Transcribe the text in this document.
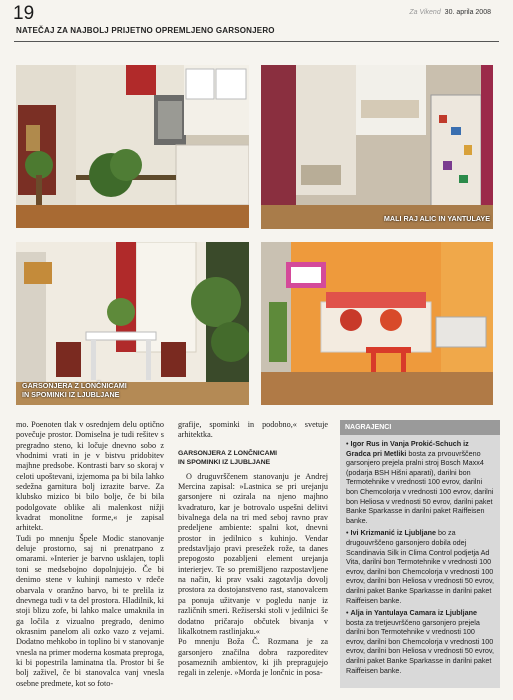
19	Za Vikend 30. aprila 2008
NATEČAJ ZA NAJBOLJ PRIJETNO OPREMLJENO GARSONJERO
MALI RAJ ALIC IN YANTULAYE
GARSONJERA Z LONČNICAMI
IN SPOMINKI IZ LJUBLJANE

mo. Poenoten tlak v osrednjem delu optično povečuje prostor. Domiselna je tudi rešitev s pregradno steno, ki ločuje dnevno sobo z vhodnimi vrati in je v bistvu pridobitev majhne predsobe. Kontrasti barv so skoraj v celoti upoštevani, izjemoma pa bi bila lahko sedežna garnitura bolj izrazite barve. Za klubsko mizico bi bilo bolje, če bi bila podolgovate oblike ali malenkost nižji kvadrat monolitne forme,« je zapisal arhitekt.

Tudi po mnenju Špele Modic stanovanje deluje prostorno, saj ni prenatrpano z omarami. »Interier je barvno usklajen, topli toni se medsebojno dopolnjujejo. Če bi denimo stene v kuhinji namesto v rdeče obarvala v oranžno barvo, bi te prelila iz dnevnega tudi v ta del prostora. Hladilnik, ki stoji blizu zofe, bi lahko malce umaknila in ga ločila z vizualno pregrado, denimo okrasnim panelom ali ozko vazo z vejami. Dodatno mehkobo in toplino bi v stanovanje vnesla na primer moderna kosmata preproga, ki bi popestrila laminatna tla. Prostor bi še bolj zaživel, če bi stanovalca vanj vnesla osebne predmete, kot so foto-

grafije, spominki in podobno,« svetuje arhitektka.

GARSONJERA Z LONČNICAMI
IN SPOMINKI IZ LJUBLJANE

O druguvrščenem stanovanju je Andrej Mercina zapisal: »Lastnica se pri urejanju garsonjere ni ozirala na njeno majhno kvadraturo, kar je botrovalo uspešni delitvi bivalnega dela na tri med seboj ravno prav predeljene ambiente: spalni kot, dnevni prostor in jedilnico s kuhinjo. Vendar predstavljajo pravi presežek rože, ta danes prepogosto pozabljeni element urejanja interierjev. Te so premišljeno razpostavljene na način, ki prav vsaki zagotavlja dovolj prostora za dostojanstveno rast, stanovalcem pa ponuja užitvanje v pogledu nanje iz različnih smeri. Režiserski stoli v jedilnici še dodatno pričarajo občutek bivanja v likalkotnem rastlinjaku.«

Po mnenju Boža Č. Rozmana je za garsonjero značilna dobra razporeditev posameznih ambientov, ki jih prepragujejo regali in zelenje. »Morda je lončnic in posa-

NAGRAJENCI

• Igor Rus in Vanja Prokić-Schuch iz Gradca pri Metliki bosta za prvouvrščeno garsonjero prejela pralni stroj Bosch Maxx4 (podarja BSH Hišni aparati), darilni bon Termotehnike v vrednosti 100 evrov, darilni bon Chemcolorja v vrednosti 100 evrov, darilni bon Heliosa v vrednosti 50 evrov, darilni paket Banke Sparkasse in darilni paket Raiffeisen banke.

• Ivi Krizmanić iz Ljubljane bo za drugouvrščeno garsonjero dobila odej Scandinavia Silk in Clima Control podjetja Ad Vita, darilni bon Termotehnike v vrednosti 100 evrov, darilni bon Chemcolorja v vrednosti 100 evrov, darilni bon Heliosa v vrednosti 50 evrov, darilni paket Banke Sparkasse in darilni paket Raiffeisen banke.

• Alja in Yantulaya Camara iz Ljubljane bosta za tretjeuvrščeno garsonjero prejela darilni bon Termotehnike v vrednosti 100 evrov, darilni bon Chemcolorja v vrednosti 100 evrov, darilni bon Heliosa v vrednosti 50 evrov, darilni paket Banke Sparkasse in darilni paket Raiffeisen banke.
